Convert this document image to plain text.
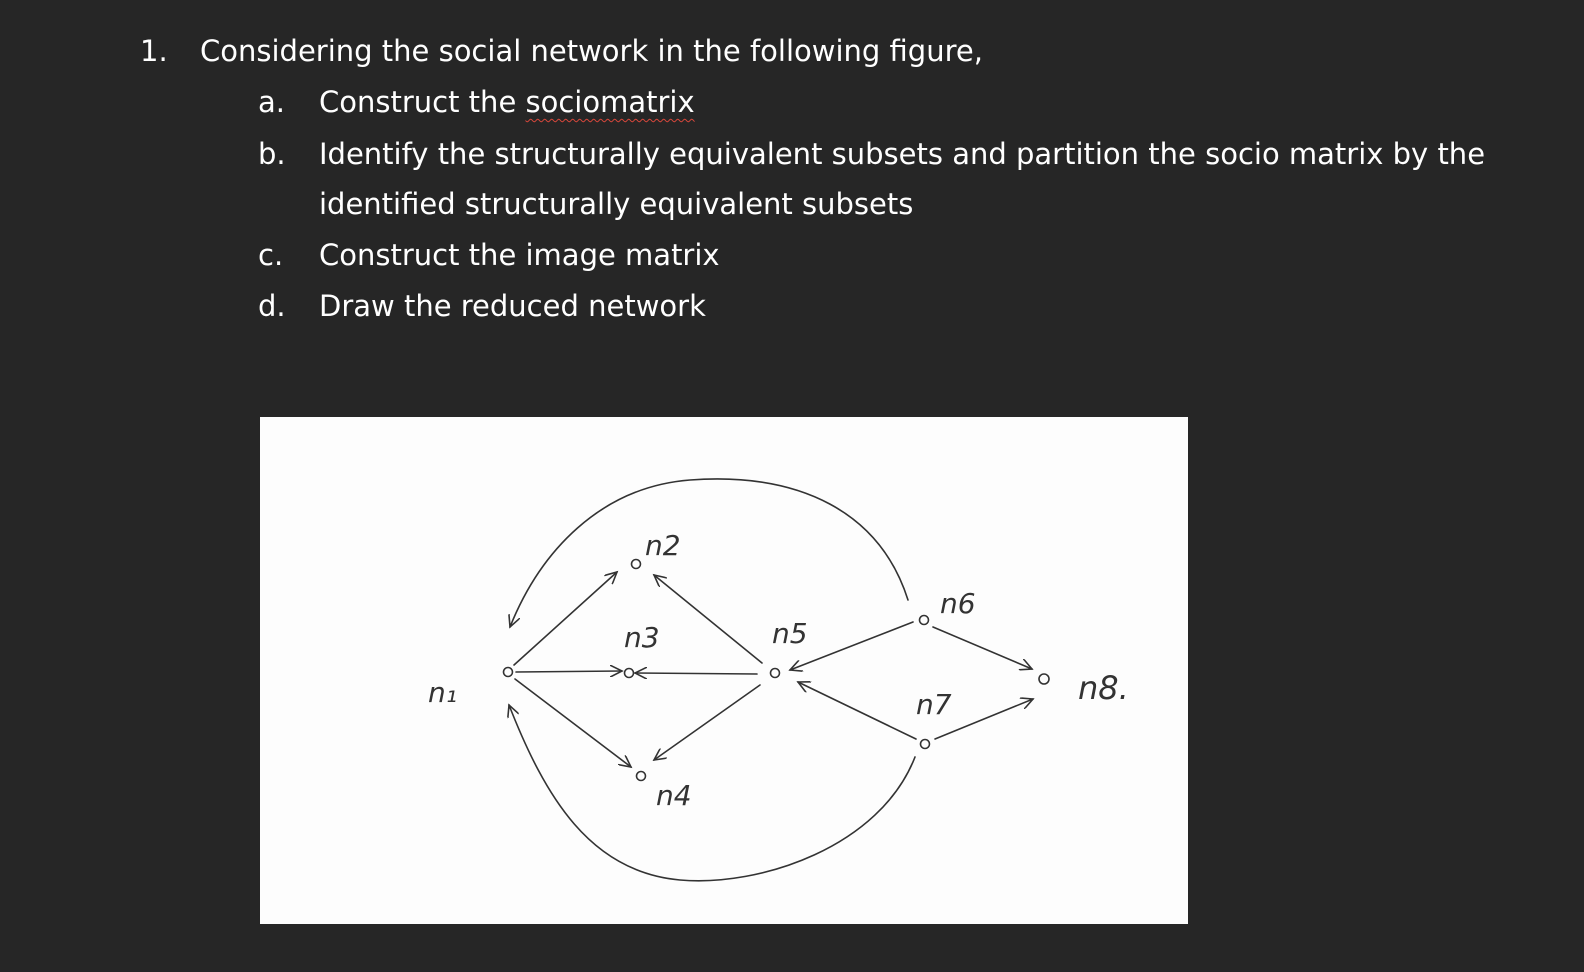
1. Considering the social network in the following figure,
a.	Construct the sociomatrix
b.	Identify the structurally equivalent subsets and partition the socio matrix by the identified structurally equivalent subsets
c.	Construct the image matrix
d.	Draw the reduced network
n₁
n2
n3
n4
n5
n6
n7	n8.
